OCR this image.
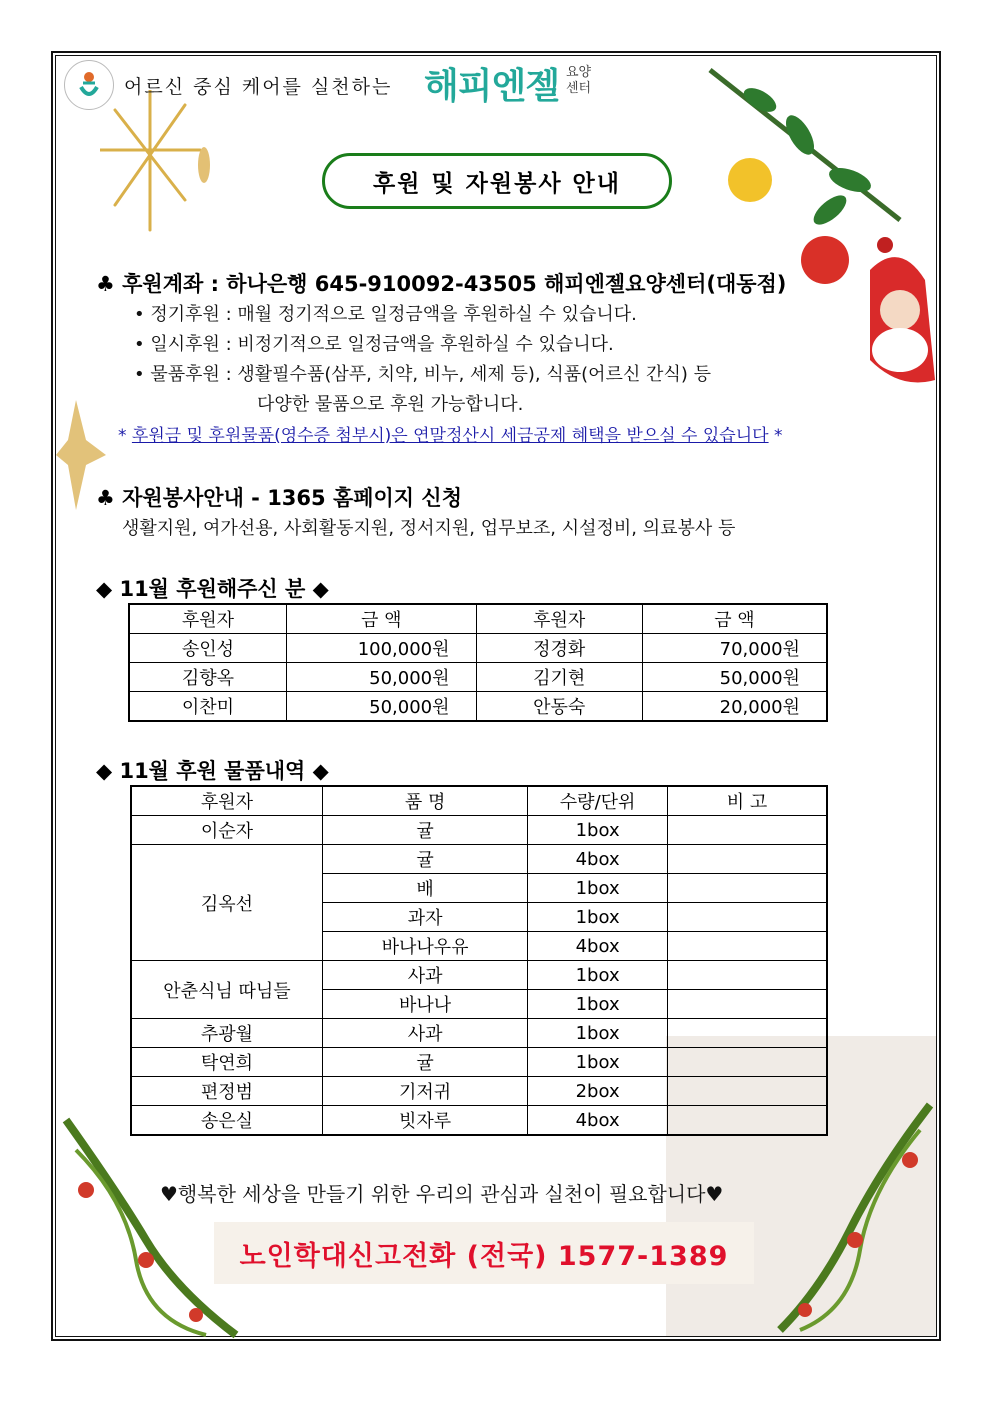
어르신 중심 케어를 실천하는 해피엔젤 요양
센터
후원 및 자원봉사 안내
♣ 후원계좌 : 하나은행 645-910092-43505 해피엔젤요양센터(대동점)
• 정기후원 : 매월 정기적으로 일정금액을 후원하실 수 있습니다.
• 일시후원 : 비정기적으로 일정금액을 후원하실 수 있습니다.
• 물품후원 : 생활필수품(삼푸, 치약, 비누, 세제 등), 식품(어르신 간식) 등
다양한 물품으로 후원 가능합니다.
* 후원금 및 후원물품(영수증 첨부시)은 연말정산시 세금공제 혜택을 받으실 수 있습니다 *
♣ 자원봉사안내 - 1365 홈페이지 신청
생활지원, 여가선용, 사회활동지원, 정서지원, 업무보조, 시설정비, 의료봉사 등
◆ 11월 후원해주신 분 ◆
후원자	금 액	후원자	금 액
송인성	100,000원	정경화	70,000원
김향옥	50,000원	김기현	50,000원
이찬미	50,000원	안동숙	20,000원
◆ 11월 후원 물품내역 ◆
후원자	품 명	수량/단위	비 고
이순자	귤	1box	
김옥선	귤	4box	
	배	1box	
	과자	1box	
	바나나우유	4box	
안춘식님 따님들	사과	1box	
	바나나	1box	
추광월	사과	1box	
탁연희	귤	1box	
편정범	기저귀	2box	
송은실	빗자루	4box	
♥행복한 세상을 만들기 위한 우리의 관심과 실천이 필요합니다♥
노인학대신고전화 (전국) 1577-1389
